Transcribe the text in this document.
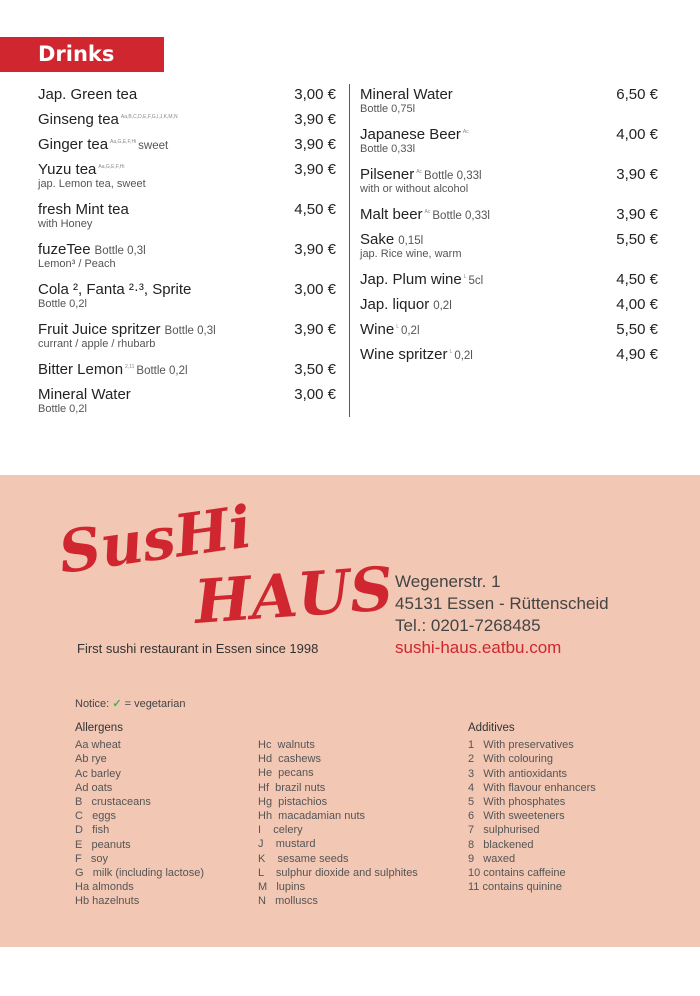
Drinks
Jap. Green tea	3,00 €
Ginseng tea $^{Aa,B,C,D,E,F,G,I,J,K,M,N}$	3,90 €
Ginger tea $^{Aa,G,E,F,Hi}$ sweet	3,90 €
Yuzu tea $^{Aa,G,E,F,Hi}$	3,90 €
jap. Lemon tea, sweet
fresh Mint tea	4,50 €
with Honey
fuzeTee Bottle 0,3l	3,90 €
Lemon³ / Peach
Cola ², Fanta ²·³, Sprite	3,00 €
Bottle 0,2l
Fruit Juice spritzer Bottle 0,3l	3,90 €
currant / apple / rhubarb
Bitter Lemon $^{2,11}$ Bottle 0,2l	3,50 €
Mineral Water	3,00 €
Bottle 0,2l
Mineral Water	6,50 €
Bottle 0,75l
Japanese Beer $^{Ac}$	4,00 €
Bottle 0,33l
Pilsener $^{Ac}$ Bottle 0,33l	3,90 €
with or without alcohol
Malt beer $^{Ac}$ Bottle 0,33l	3,90 €
Sake 0,15l	5,50 €
jap. Rice wine, warm
Jap. Plum wine $^L$ 5cl	4,50 €
Jap. liquor 0,2l	4,00 €
Wine $^L$ 0,2l	5,50 €
Wine spritzer $^L$ 0,2l	4,90 €
SusHi
HAUS
First sushi restaurant in Essen since 1998
Wegenerstr. 1
45131 Essen - Rüttenscheid
Tel.: 0201-7268485
sushi-haus.eatbu.com
Notice: ✓ = vegetarian
Allergens
Aa wheat
Ab rye
Ac barley
Ad oats
B   crustaceans
C   eggs
D   fish
E   peanuts
F   soy
G   milk (including lactose)
Ha almonds
Hb hazelnuts
Hc  walnuts
Hd  cashews
He  pecans
Hf  brazil nuts
Hg  pistachios
Hh  macadamian nuts
I    celery
J    mustard
K    sesame seeds
L    sulphur dioxide and sulphites
M   lupins
N   molluscs
Additives
1   With preservatives
2   With colouring
3   With antioxidants
4   With flavour enhancers
5   With phosphates
6   With sweeteners
7   sulphurised
8   blackened
9   waxed
10 contains caffeine
11 contains quinine
